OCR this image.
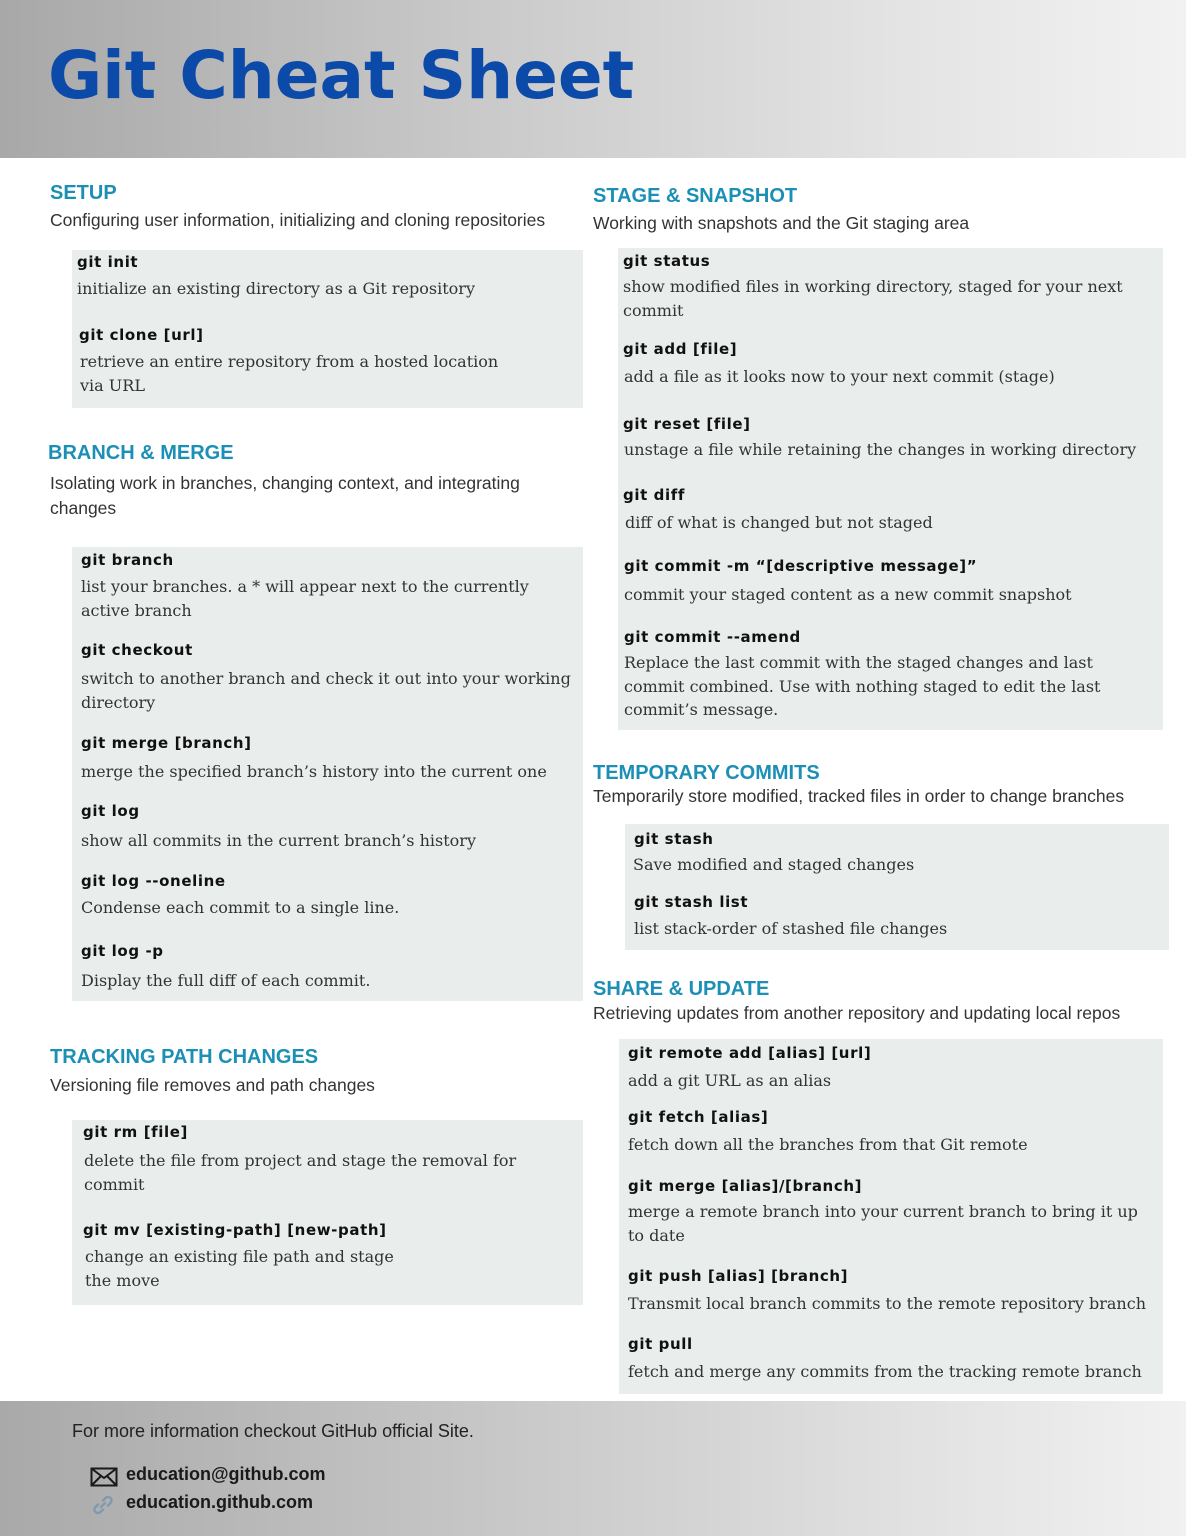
Git Cheat Sheet
SETUP
Configuring user information, initializing and cloning repositories
git init
initialize an existing directory as a Git repository
git clone [url]
retrieve an entire repository from a hosted location
via URL
BRANCH & MERGE
Isolating work in branches, changing context, and integrating
changes
git branch
list your branches. a * will appear next to the currently
active branch
git checkout
switch to another branch and check it out into your working
directory
git merge [branch]
merge the specified branch’s history into the current one
git log
show all commits in the current branch’s history
git log --oneline
Condense each commit to a single line.
git log -p
Display the full diff of each commit.
TRACKING PATH CHANGES
Versioning file removes and path changes
git rm [file]
delete the file from project and stage the removal for
commit
git mv [existing-path] [new-path]
change an existing file path and stage
the move
STAGE & SNAPSHOT
Working with snapshots and the Git staging area
git status
show modified files in working directory, staged for your next
commit
git add [file]
add a file as it looks now to your next commit (stage)
git reset [file]
unstage a file while retaining the changes in working directory
git diff
diff of what is changed but not staged
git commit -m “[descriptive message]”
commit your staged content as a new commit snapshot
git commit --amend
Replace the last commit with the staged changes and last
commit combined. Use with nothing staged to edit the last
commit’s message.
TEMPORARY COMMITS
Temporarily store modified, tracked files in order to change branches
git stash
Save modified and staged changes
git stash list
list stack-order of stashed file changes
SHARE & UPDATE
Retrieving updates from another repository and updating local repos
git remote add [alias] [url]
add a git URL as an alias
git fetch [alias]
fetch down all the branches from that Git remote
git merge [alias]/[branch]
merge a remote branch into your current branch to bring it up
to date
git push [alias] [branch]
Transmit local branch commits to the remote repository branch
git pull
fetch and merge any commits from the tracking remote branch
For more information checkout GitHub official Site.
education@github.com
education.github.com
